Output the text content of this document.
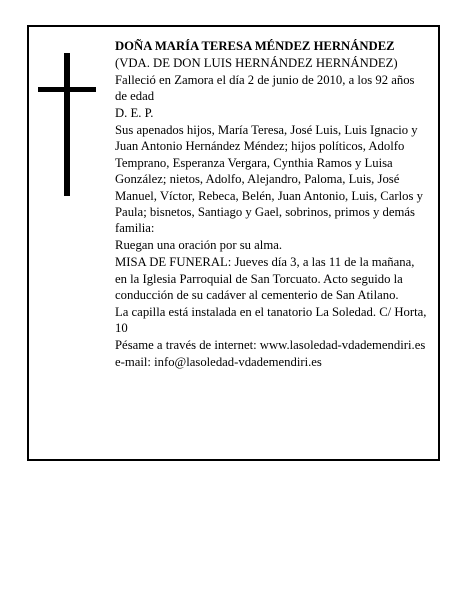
DOÑA MARÍA TERESA MÉNDEZ HERNÁNDEZ

(VDA. DE DON LUIS HERNÁNDEZ HERNÁNDEZ)

Falleció en Zamora el día 2 de junio de 2010, a los 92 años de edad

D. E. P.

Sus apenados hijos, María Teresa, José Luis, Luis Ignacio y Juan Antonio Hernández Méndez; hijos políticos, Adolfo Temprano, Esperanza Vergara, Cynthia Ramos y Luisa González; nietos, Adolfo, Alejandro, Paloma, Luis, José Manuel, Víctor, Rebeca, Belén, Juan Antonio, Luis, Carlos y Paula; bisnetos, Santiago y Gael, sobrinos, primos y demás familia:

Ruegan una oración por su alma.

MISA DE FUNERAL: Jueves día 3, a las 11 de la mañana, en la Iglesia Parroquial de San Torcuato. Acto seguido la conducción de su cadáver al cementerio de San Atilano.

La capilla está instalada en el tanatorio La Soledad. C/ Horta, 10

Pésame a través de internet: www.lasoledad-vdademendiri.es e-mail: info@lasoledad-vdademendiri.es
